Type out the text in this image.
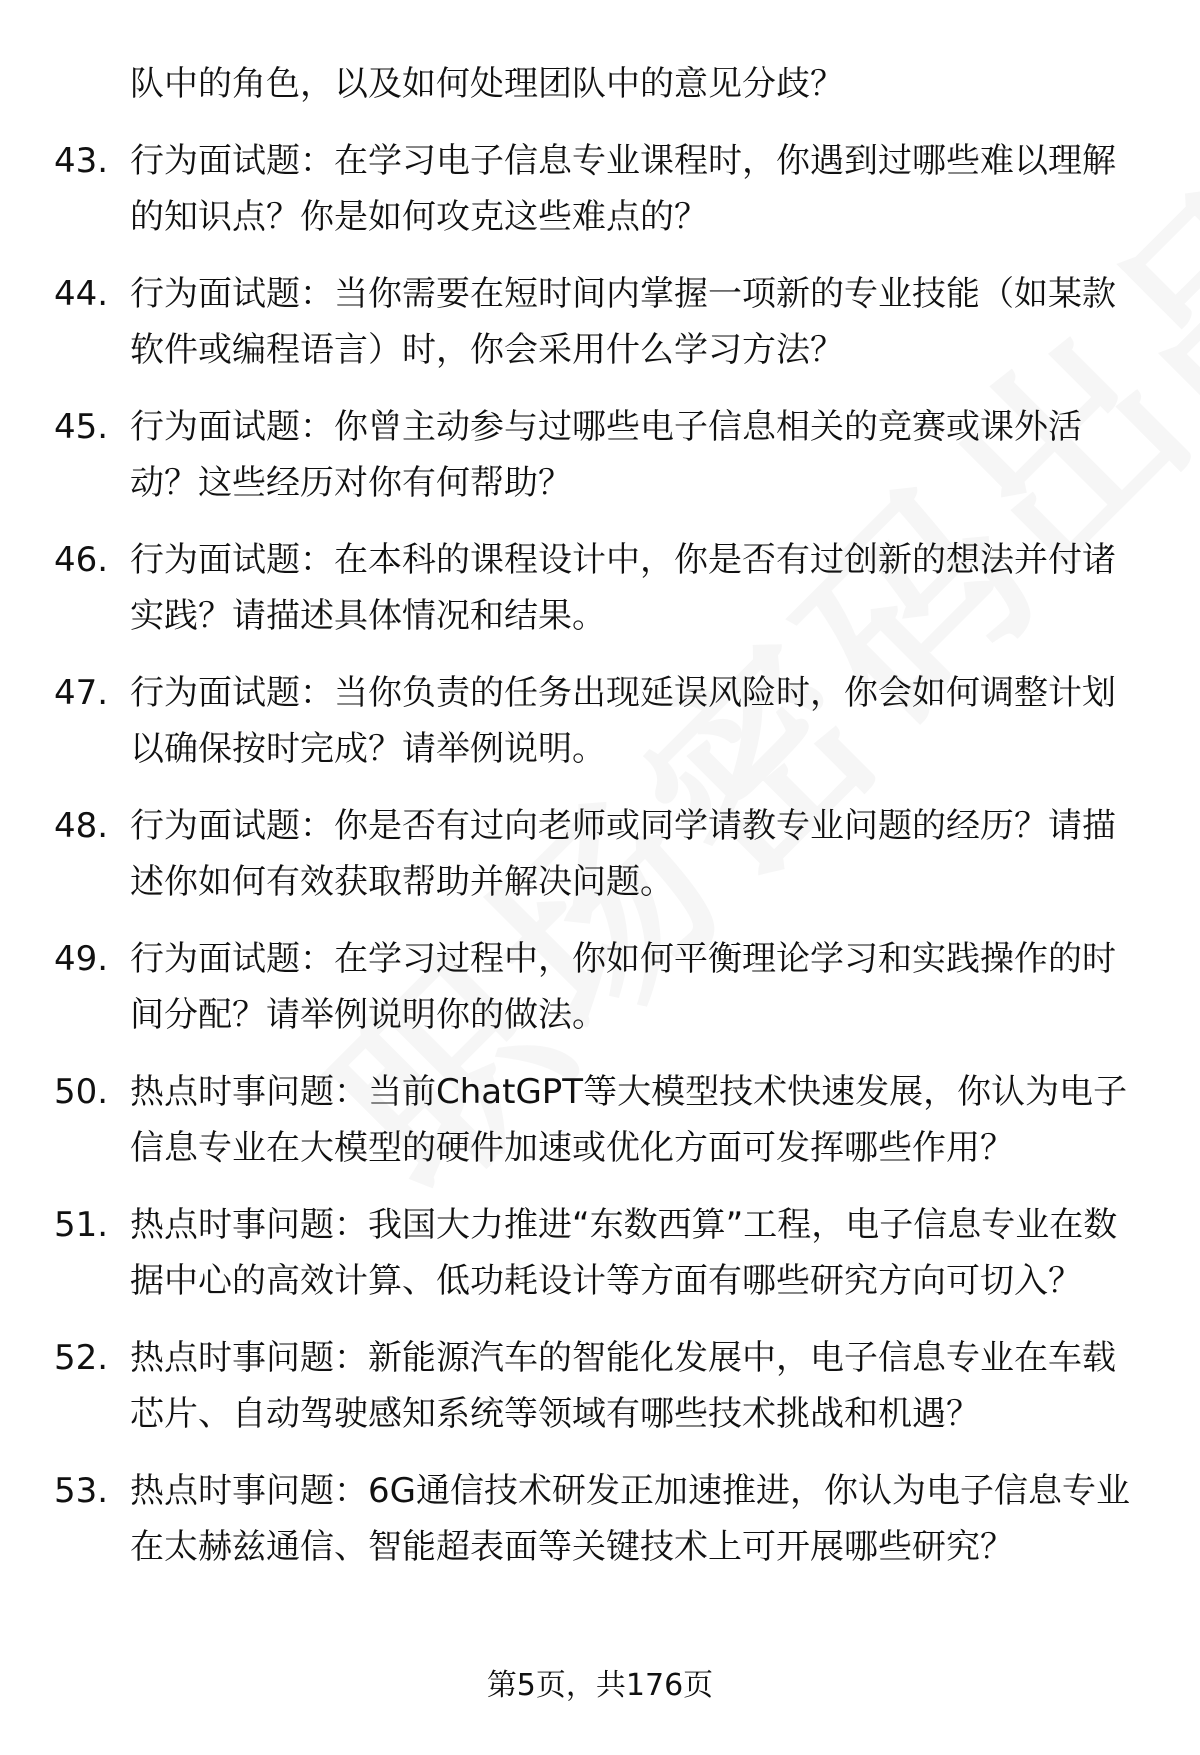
队中的角色，以及如何处理团队中的意见分歧？
43. 行为面试题：在学习电子信息专业课程时，你遇到过哪些难以理解的知识点？你是如何攻克这些难点的？
44. 行为面试题：当你需要在短时间内掌握一项新的专业技能（如某款软件或编程语言）时，你会采用什么学习方法？
45. 行为面试题：你曾主动参与过哪些电子信息相关的竞赛或课外活动？这些经历对你有何帮助？
46. 行为面试题：在本科的课程设计中，你是否有过创新的想法并付诸实践？请描述具体情况和结果。
47. 行为面试题：当你负责的任务出现延误风险时，你会如何调整计划以确保按时完成？请举例说明。
48. 行为面试题：你是否有过向老师或同学请教专业问题的经历？请描述你如何有效获取帮助并解决问题。
49. 行为面试题：在学习过程中，你如何平衡理论学习和实践操作的时间分配？请举例说明你的做法。
50. 热点时事问题：当前ChatGPT等大模型技术快速发展，你认为电子信息专业在大模型的硬件加速或优化方面可发挥哪些作用？
51. 热点时事问题：我国大力推进“东数西算”工程，电子信息专业在数据中心的高效计算、低功耗设计等方面有哪些研究方向可切入？
52. 热点时事问题：新能源汽车的智能化发展中，电子信息专业在车载芯片、自动驾驶感知系统等领域有哪些技术挑战和机遇？
53. 热点时事问题：6G通信技术研发正加速推进，你认为电子信息专业在太赫兹通信、智能超表面等关键技术上可开展哪些研究？
第5页，共176页
